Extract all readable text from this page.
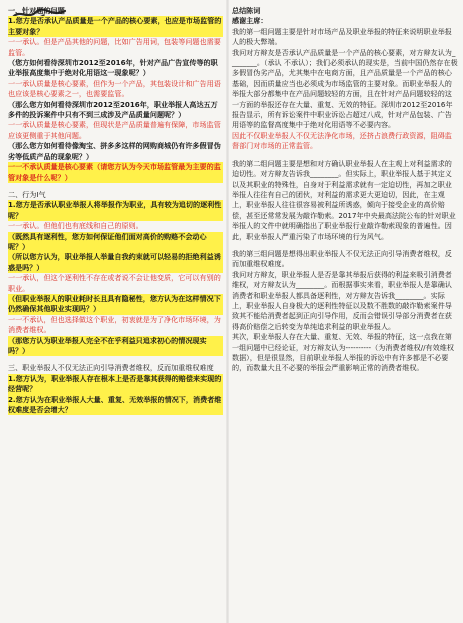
一、针对题的问题

1.您方是否承认产品质量是一个产品的核心要素，也应是市场监管的主要对象？

一一承认。但是产品其他的问题，比如广告用词，包装等问题也需要监管。

（您方如何看待深圳市2012至2016年，针对产品广告宣传等的职业举报高度集中于绝对化用语这一现象呢？）

一一承认质量是核心要素，但作为一个产品，其包装设计和广告用语也应该是核心要素之一，也需要监管。

（那么您方如何看待深圳市2012至2016年，职业举报人高达五万多件的投诉案件中只有不到三成涉及产品质量问题呢？）

一一承认质量是核心要素，但现状是产品质量普遍有保障，市场监管应该更侧重于其他问题。

（那么您方如何看待像淘宝、拼多多这样的网购商城仍有许多假冒伪劣等低质产品的现象呢？）

一一不承认质量是核心要素（请您方认为今天市场监管最为主要的监管对象是什么呢？）

二、行为I气

1.您方是否承认职业举报人将举报作为职业，具有较为追切的逐利性呢？

一一承认。但他们也有底线和自己的原则。

（既然具有逐利性，您方如何保证他们面对高价的购赂不会动心呢？）

（所以您方认为，职业举报人举量自我约束就可以轻易的拒绝利益诱惑是吗？）

一一承认，但这个逐利性不存在或者说不会让他变质，它可以有别的职业。

（但职业举报人的职业耗时长且具有隐秘性，您方认为在这样情况下仍然确保其他职业实现吗？）

一一不承认，但也选择做这个职业，初衷就是为了净化市场环境，为消费者维权。

（那您方认为职业举报人完全不在乎利益只追求初心的情况现实吗？）

三、职业举报人不仅无法正向引导消费者维权，反而加重维权难度

1.您方认为，职业举报人存在根本上是否是靠其获得的赔偿来实现的经营呢？

2.您方认为在职业举报人大量、重复、无效举报的情况下，消费者维权难度是否会增大？

总结陈词

感谢主席：

我的第一组问题主要是针对市场产品及职业举报的特征来说明职业举报人的极大弊端。

我问对方辩友是否承认产品质量是一个产品的核心要素，对方辩友认为________。（承认 不承认）；我们必须承认的现实是，当前中国仍然存在极多假冒伪劣产品，尤其集中在电商方面，且产品质量是一个产品的核心基础，因而质量应当也必须成为市场监管的主要对象。而职业举报人的举报大部分都集中在产品问题较轻的方面，且在针对产品问题较轻的这一方面的举报还存在大量、重复、无效的特征。深圳市2012至2016年报告显示，所有诉讼案件中职业诉讼占超过八成，针对产品包装、广告用语等的监督高度集中于绝对化用语等不必要内容。

因此不仅职业举报人不仅无法净化市场，还挤占浪费行政资源，阻碍监督部门对市场的正常监管。

我的第二组问题主要是想和对方确认职业举报人在主观上对利益需求的迫切性。对方辩友告诉我________。但实际上，职业举报人基于其定义以及其职业的特殊性，自身对于利益需求就有一定迫切性，再加之职业举报人往往有自己的团伙，对利益的需求更大更迫切，因此，在主观上，职业举报人往往很容易被利益所诱惑，倾向于接受企业的高价赔偿，甚至还常常发展为敲诈勒索。2017年中央最高法院公布的针对职业举报人的文件中就明确指出了职业举报行业敲诈勒索现象的普遍性。因此，职业举报人严重污染了市场环境的行为风气。

我的第三组问题是想得出职业举报人不仅无法正向引导消费者维权，反而加重维权难度。

我问对方辩友，职业举报人是否是靠其举报后获得的利益来吸引消费者维权，对方辩友认为________。而根据事实来看，职业举报人是靠确认消费者和职业举报人都具备逐利性，对方辩友告诉我________。实际上，职业举报人自身极大的逐利性特征以及数不胜数的敲诈勒索案件导致其不能给消费者起到正向引导作用，反而会错误引导部分消费者在获得高价赔偿之后转变为单纯追求利益的职业举报人。

其次，职业举报人存在大量、重复、无效、举报的特征，这一点我在第一组问题中已经论证，对方辩友认为----------（为消费者维权//有效维权数据），但是很显然，目前职业举报人举报的诉讼中有许多都是不必要的，而数量大且不必要的举报会严重影响正常的消费者维权。
